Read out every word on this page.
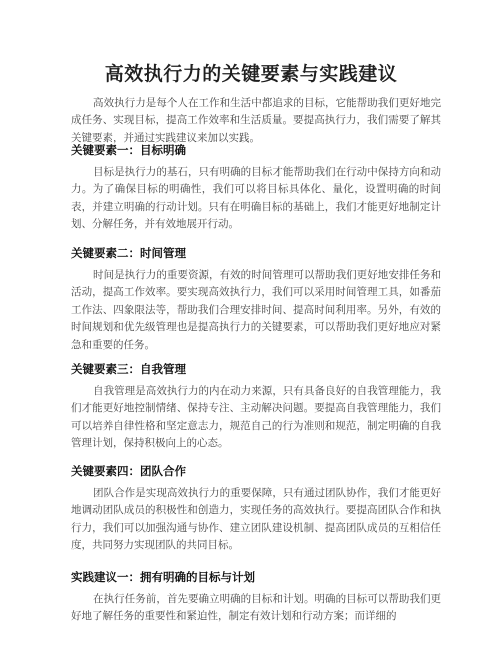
高效执行力的关键要素与实践建议

高效执行力是每个人在工作和生活中都追求的目标，它能帮助我们更好地完成任务、实现目标，提高工作效率和生活质量。要提高执行力，我们需要了解其关键要素，并通过实践建议来加以实践。

关键要素一：目标明确

目标是执行力的基石，只有明确的目标才能帮助我们在行动中保持方向和动力。为了确保目标的明确性，我们可以将目标具体化、量化，设置明确的时间表，并建立明确的行动计划。只有在明确目标的基础上，我们才能更好地制定计划、分解任务，并有效地展开行动。

关键要素二：时间管理

时间是执行力的重要资源，有效的时间管理可以帮助我们更好地安排任务和活动，提高工作效率。要实现高效执行力，我们可以采用时间管理工具，如番茄工作法、四象限法等，帮助我们合理安排时间、提高时间利用率。另外，有效的时间规划和优先级管理也是提高执行力的关键要素，可以帮助我们更好地应对紧急和重要的任务。

关键要素三：自我管理

自我管理是高效执行力的内在动力来源，只有具备良好的自我管理能力，我们才能更好地控制情绪、保持专注、主动解决问题。要提高自我管理能力，我们可以培养自律性格和坚定意志力，规范自己的行为准则和规范，制定明确的自我管理计划，保持积极向上的心态。

关键要素四：团队合作

团队合作是实现高效执行力的重要保障，只有通过团队协作，我们才能更好地调动团队成员的积极性和创造力，实现任务的高效执行。要提高团队合作和执行力，我们可以加强沟通与协作、建立团队建设机制、提高团队成员的互相信任度，共同努力实现团队的共同目标。

实践建议一：拥有明确的目标与计划

在执行任务前，首先要确立明确的目标和计划。明确的目标可以帮助我们更好地了解任务的重要性和紧迫性，制定有效计划和行动方案；而详细的
